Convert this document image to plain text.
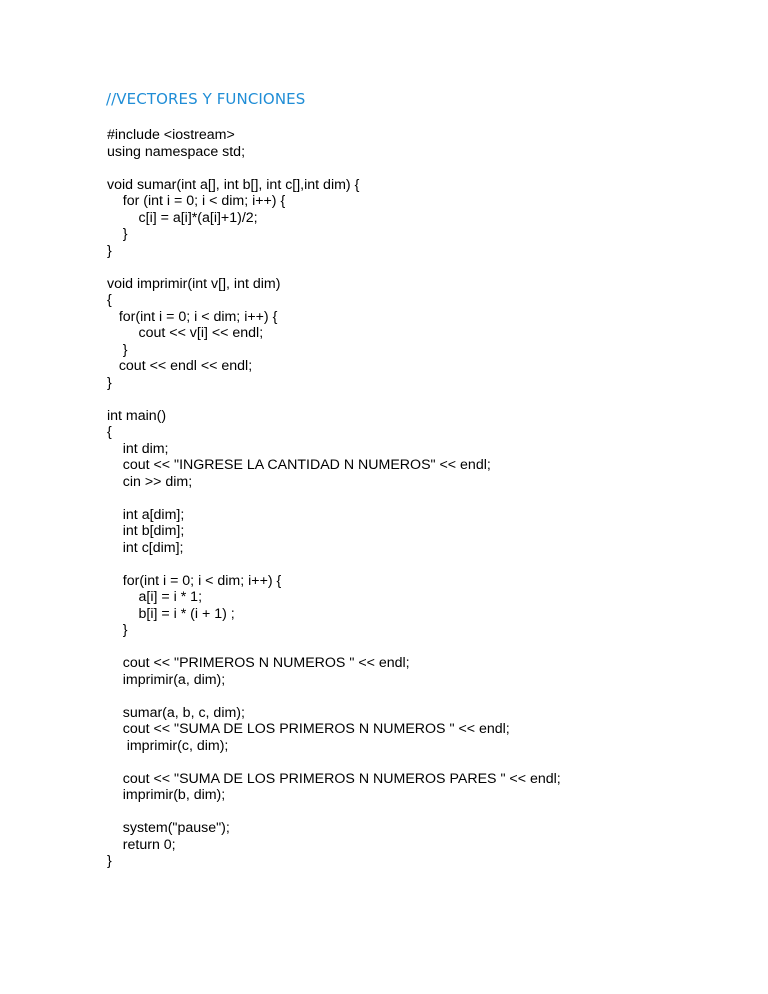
//VECTORES Y FUNCIONES
#include <iostream>
using namespace std;
void sumar(int a[], int b[], int c[],int dim) {
for (int i = 0; i < dim; i++) {
c[i] = a[i]*(a[i]+1)/2;
}
}
void imprimir(int v[], int dim)
{
for(int i = 0; i < dim; i++) {
cout << v[i] << endl;
}
cout << endl << endl;
}
int main()
{
int dim;
cout << "INGRESE LA CANTIDAD N NUMEROS" << endl;
cin >> dim;
int a[dim];
int b[dim];
int c[dim];
for(int i = 0; i < dim; i++) {
a[i] = i * 1;
b[i] = i * (i + 1) ;
}
cout << "PRIMEROS N NUMEROS " << endl;
imprimir(a, dim);
sumar(a, b, c, dim);
cout << "SUMA DE LOS PRIMEROS N NUMEROS " << endl;
imprimir(c, dim);
cout << "SUMA DE LOS PRIMEROS N NUMEROS PARES " << endl;
imprimir(b, dim);
system("pause");
return 0;
}
